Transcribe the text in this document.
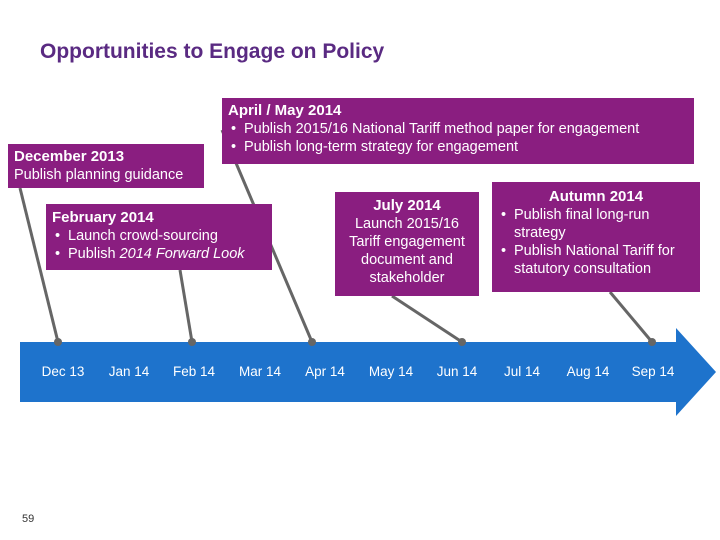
Opportunities to Engage on Policy
December 2013
Publish planning guidance
April / May 2014
• Publish 2015/16 National Tariff method paper for engagement
• Publish long-term strategy for engagement
February 2014
• Launch crowd-sourcing
• Publish 2014 Forward Look
July 2014
Launch 2015/16 Tariff engagement document and stakeholder
Autumn 2014
• Publish final long-run strategy
• Publish National Tariff for statutory consultation
Dec 13	Jan 14	Feb 14	Mar 14	Apr 14	May 14	Jun 14	Jul 14	Aug 14	Sep 14
59
